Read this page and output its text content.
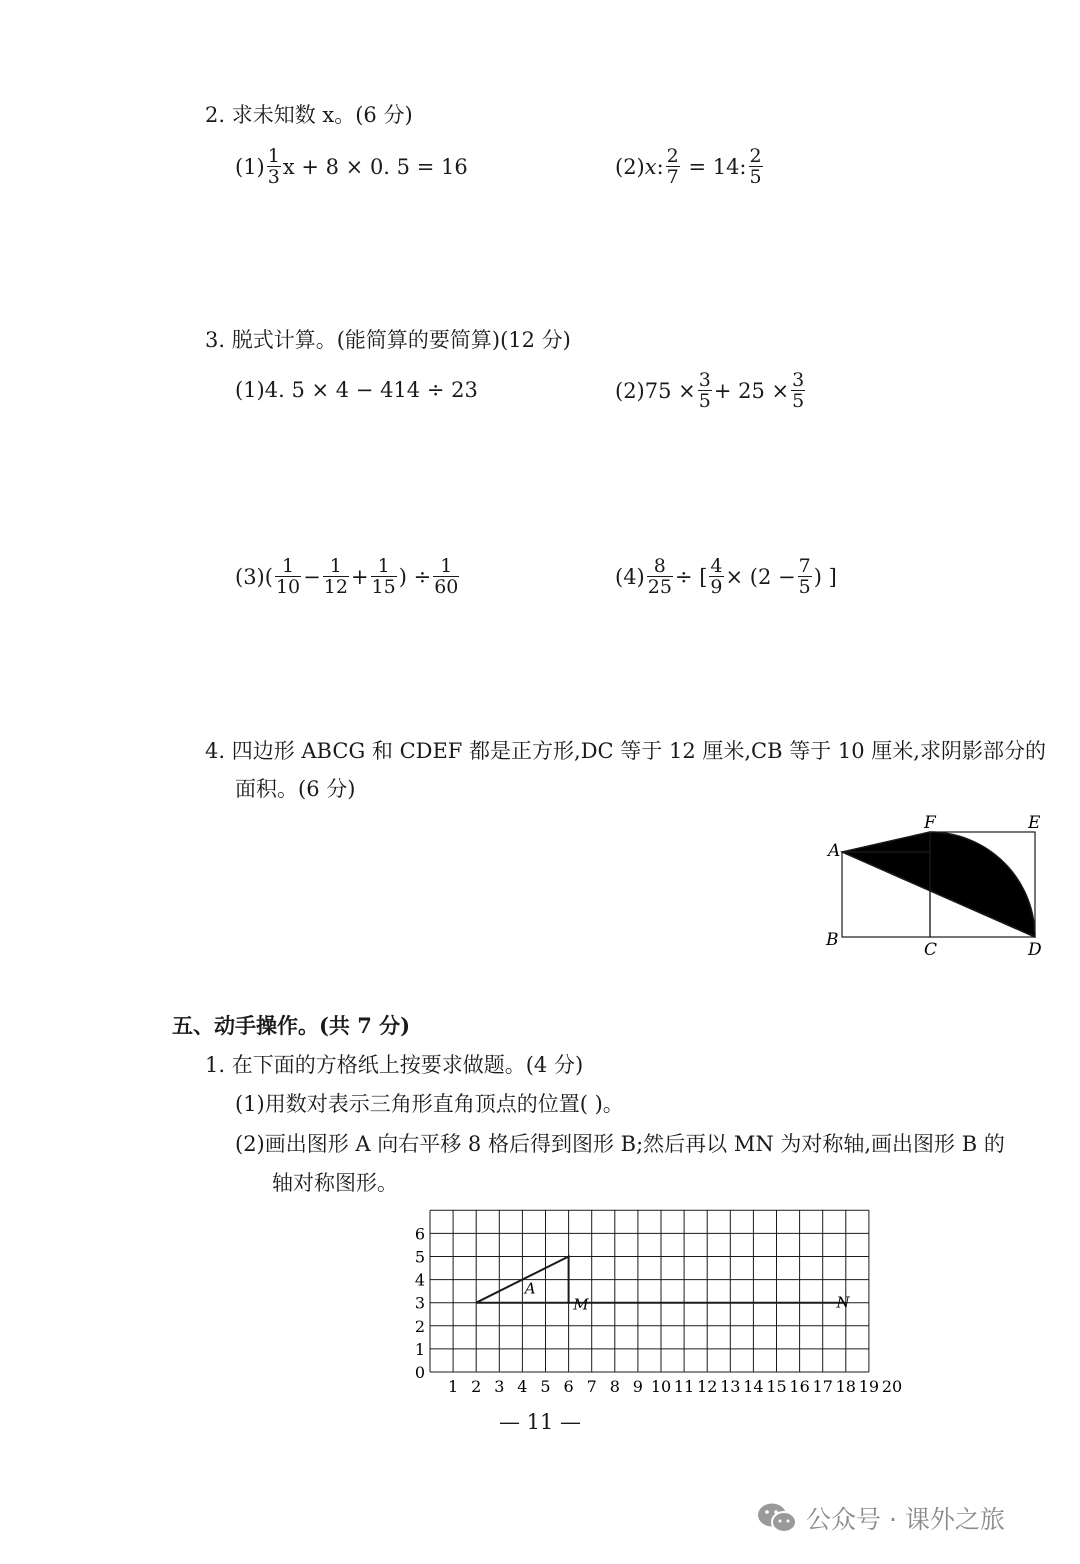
2. 求未知数 x。(6 分)
$(1) \frac{1}{3}$ x + 8 × 0. 5 = 16	(2) x : $\frac{2}{7} = 14$: $\frac{2}{5}$
3. 脱式计算。(能简算的要简算)(12 分)
(1) 4. 5 × 4 − 414 ÷ 23	(2) $75 \times \frac{3}{5} + 25 \times \frac{3}{5}$
(3) ( $\frac{1}{10} - \frac{1}{12} + \frac{1}{15}$ ) ÷ $\frac{1}{60}$	$(4) \frac{8}{25}$ ÷ [ $\frac{4}{9} \times (2 - \frac{7}{5}$ ) ]
4. 四边形 ABCG 和 CDEF 都是正方形,DC 等于 12 厘米,CB 等于 10 厘米,求阴影部分的
面积。(6 分)
A
B	C	D
E
F
G
五、动手操作。(共 7 分)
1. 在下面的方格纸上按要求做题。(4 分)
(1)用数对表示三角形直角顶点的位置( )。
(2)画出图形 A 向右平移 8 格后得到图形 B;然后再以 MN 为对称轴,画出图形 B 的
轴对称图形。
0
1
2
3
4
5
6
1 2 3 4 5 6 7 8 9 10 11 12 13 14 15 16 17 18 19 20
A
M	N
— 11 —
公众号 · 课外之旅
